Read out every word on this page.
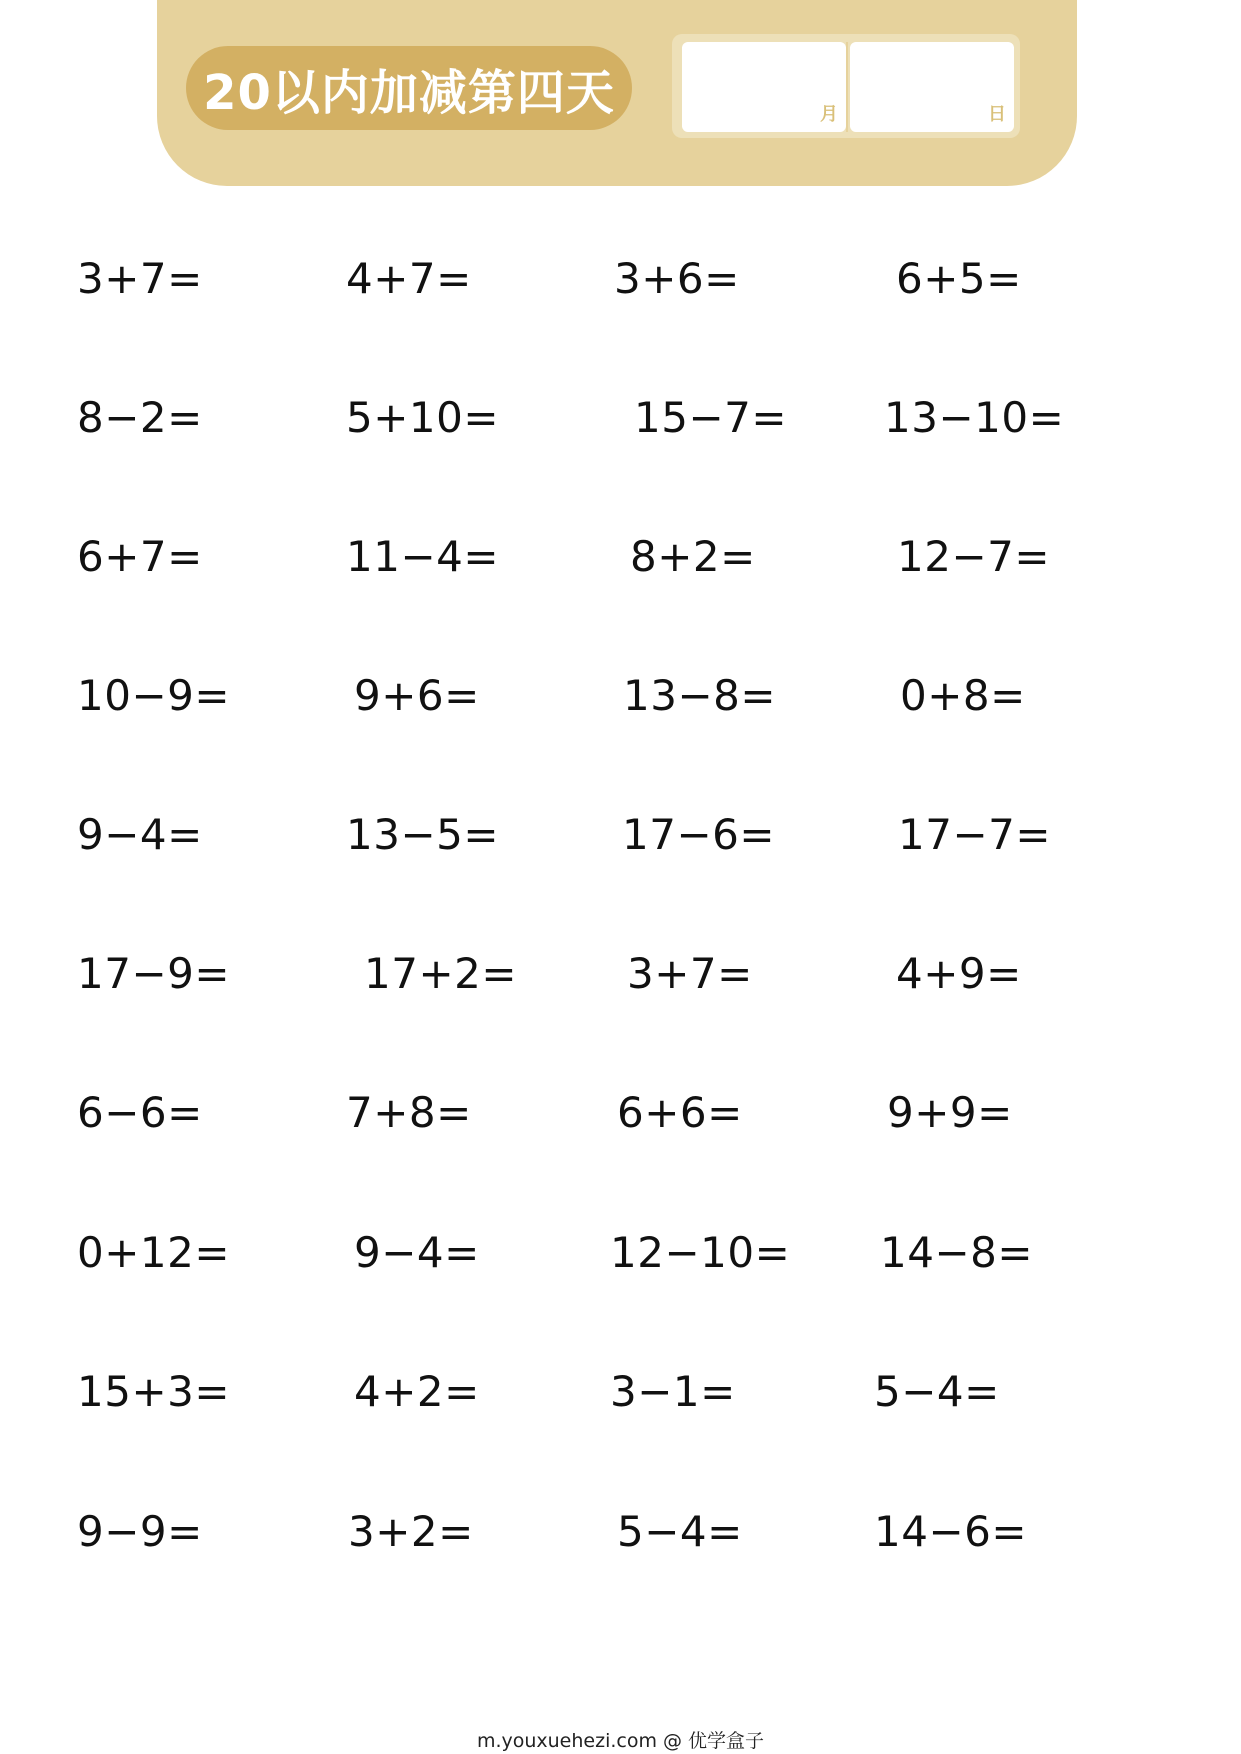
20以内加减第四天	月	日
3+7=	4+7=	3+6=	6+5=
8−2=	5+10=	15−7= 13−10=
6+7=	11−4=	8+2=	12−7=
10−9=	9+6=	13−8=	0+8=
9−4=	13−5=	17−6=	17−7=
17−9=	17+2=	3+7=	4+9=
6−6=	7+8=	6+6=	9+9=
0+12=	9−4=	12−10= 14−8=
15+3=	4+2=	3−1=	5−4=
9−9=	3+2=	5−4=	14−6=
m.youxuehezi.com @ 优学盒子
